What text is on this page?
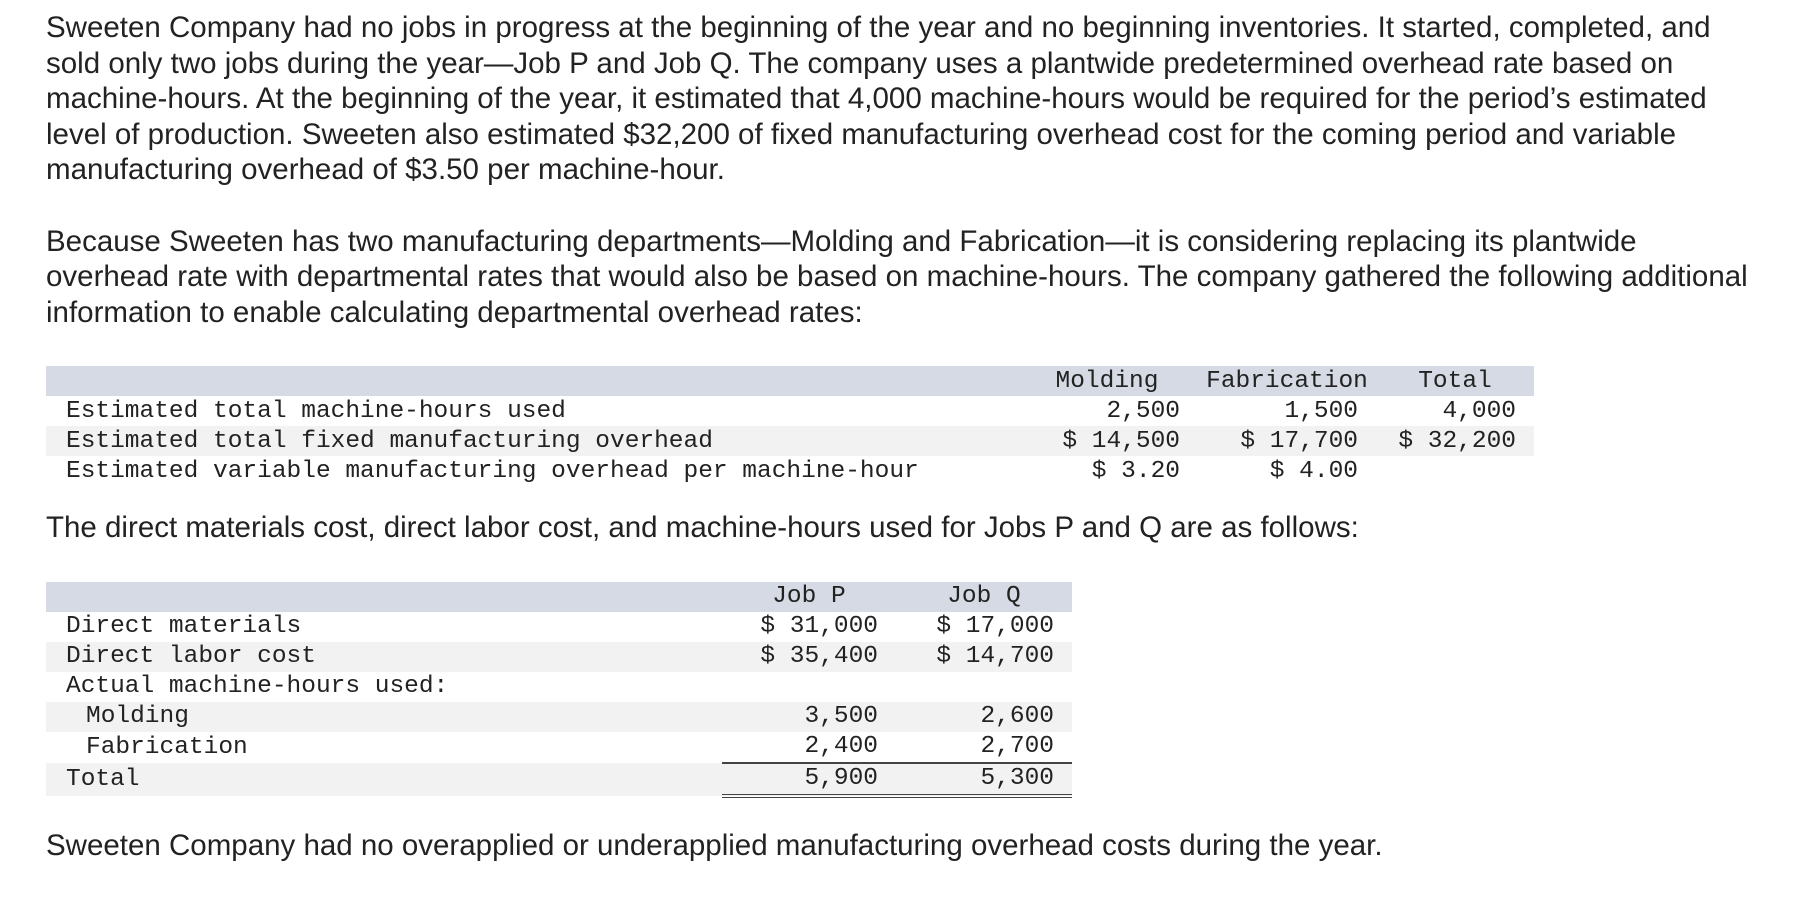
Sweeten Company had no jobs in progress at the beginning of the year and no beginning inventories. It started, completed, and sold only two jobs during the year—Job P and Job Q. The company uses a plantwide predetermined overhead rate based on machine-hours. At the beginning of the year, it estimated that 4,000 machine-hours would be required for the period’s estimated level of production. Sweeten also estimated $32,200 of fixed manufacturing overhead cost for the coming period and variable manufacturing overhead of $3.50 per machine-hour.

Because Sweeten has two manufacturing departments—Molding and Fabrication—it is considering replacing its plantwide overhead rate with departmental rates that would also be based on machine-hours. The company gathered the following additional information to enable calculating departmental overhead rates:

	Molding	Fabrication	Total
Estimated total machine-hours used	2,500	1,500	4,000
Estimated total fixed manufacturing overhead	$ 14,500	$ 17,700	$ 32,200
Estimated variable manufacturing overhead per machine-hour	$ 3.20	$ 4.00	

The direct materials cost, direct labor cost, and machine-hours used for Jobs P and Q are as follows:

	Job P	Job Q
Direct materials	$ 31,000	$ 17,000
Direct labor cost	$ 35,400	$ 14,700
Actual machine-hours used:		
Molding	3,500	2,600
Fabrication	2,400	2,700
Total	5,900	5,300

Sweeten Company had no overapplied or underapplied manufacturing overhead costs during the year.
